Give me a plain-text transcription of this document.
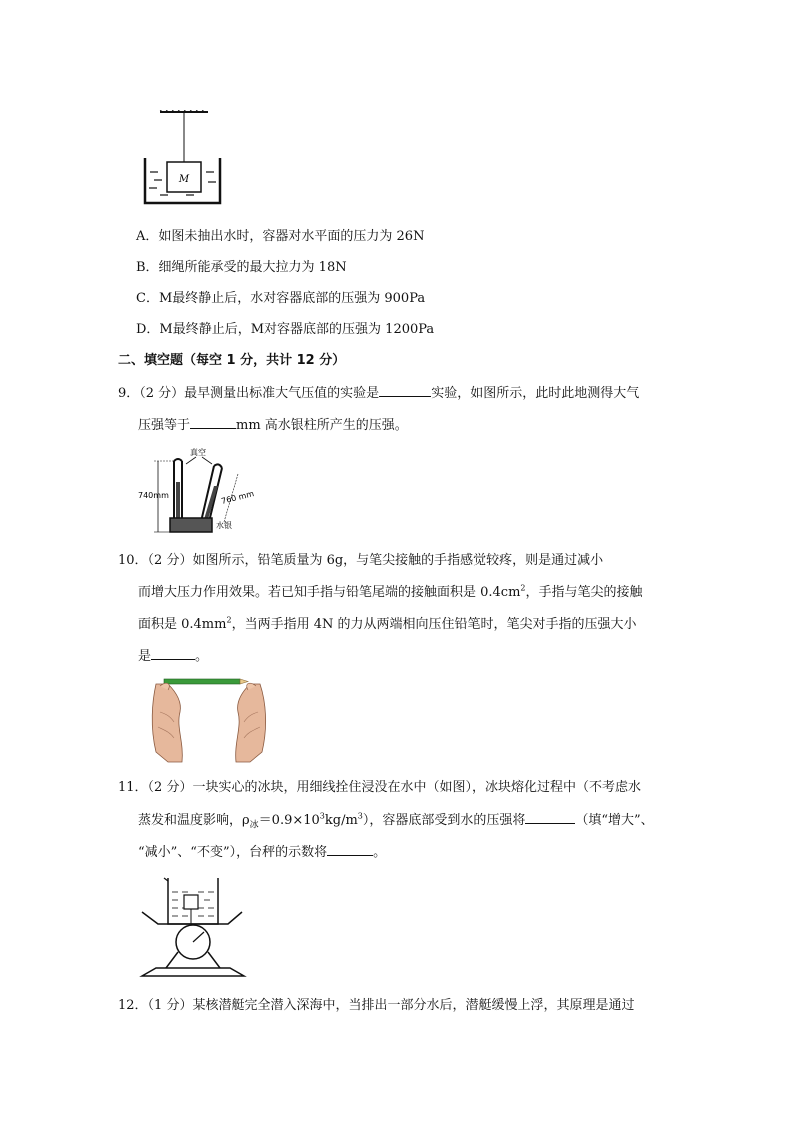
M
A．如图未抽出水时，容器对水平面的压力为 26N
B．细绳所能承受的最大拉力为 18N
C．M最终静止后，水对容器底部的压强为 900Pa
D．M最终静止后，M对容器底部的压强为 1200Pa
二、填空题（每空 1 分，共计 12 分）
9．（2 分）最早测量出标准大气压值的实验是	实验，如图所示，此时此地测得大气
压强等于	mm 高水银柱所产生的压强。
真空
740mm	760 mm
水银
10．（2 分）如图所示，铅笔质量为 6g，与笔尖接触的手指感觉较疼，则是通过减小
而增大压力作用效果。若已知手指与铅笔尾端的接触面积是 $0.4cm^2$，手指与笔尖的接触
面积是 $0.4mm^2$，当两手指用 4N 的力从两端相向压住铅笔时，笔尖对手指的压强大小
是	。
11．（2 分）一块实心的冰块，用细线拴住浸没在水中（如图），冰块熔化过程中（不考虑水
蒸发和温度影响，$\rho_冰=0.9\times 10^3kg/m^3$），容器底部受到水的压强将	（填“增大”、
“减小”、“不变”），台秤的示数将	。
12．（1 分）某核潜艇完全潜入深海中，当排出一部分水后，潜艇缓慢上浮，其原理是通过
